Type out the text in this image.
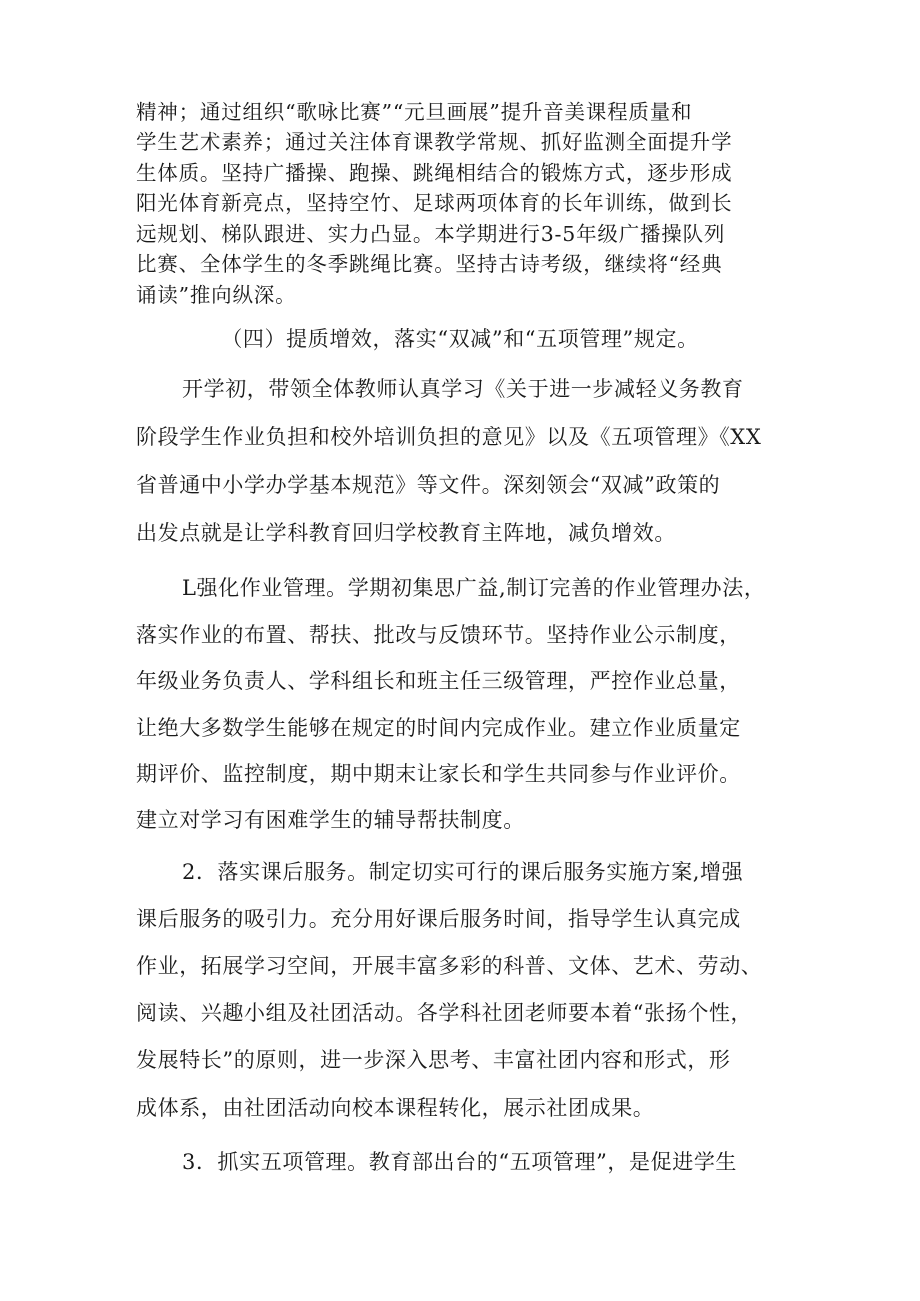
精神；通过组织“歌咏比赛”“元旦画展”提升音美课程质量和
学生艺术素养；通过关注体育课教学常规、抓好监测全面提升学
生体质。坚持广播操、跑操、跳绳相结合的锻炼方式，逐步形成
阳光体育新亮点，坚持空竹、足球两项体育的长年训练，做到长
远规划、梯队跟进、实力凸显。本学期进行3-5年级广播操队列
比赛、全体学生的冬季跳绳比赛。坚持古诗考级，继续将“经典
诵读”推向纵深。
（四）提质增效，落实“双减”和“五项管理”规定。
开学初，带领全体教师认真学习《关于进一步减轻义务教育
阶段学生作业负担和校外培训负担的意见》以及《五项管理》《XX
省普通中小学办学基本规范》等文件。深刻领会“双减”政策的
出发点就是让学科教育回归学校教育主阵地，减负增效。
L强化作业管理。学期初集思广益,制订完善的作业管理办法，
落实作业的布置、帮扶、批改与反馈环节。坚持作业公示制度，
年级业务负责人、学科组长和班主任三级管理，严控作业总量，
让绝大多数学生能够在规定的时间内完成作业。建立作业质量定
期评价、监控制度，期中期末让家长和学生共同参与作业评价。
建立对学习有困难学生的辅导帮扶制度。
2．落实课后服务。制定切实可行的课后服务实施方案,增强
课后服务的吸引力。充分用好课后服务时间，指导学生认真完成
作业，拓展学习空间，开展丰富多彩的科普、文体、艺术、劳动、
阅读、兴趣小组及社团活动。各学科社团老师要本着“张扬个性，
发展特长”的原则，进一步深入思考、丰富社团内容和形式，形
成体系，由社团活动向校本课程转化，展示社团成果。
3．抓实五项管理。教育部出台的“五项管理”，是促进学生
